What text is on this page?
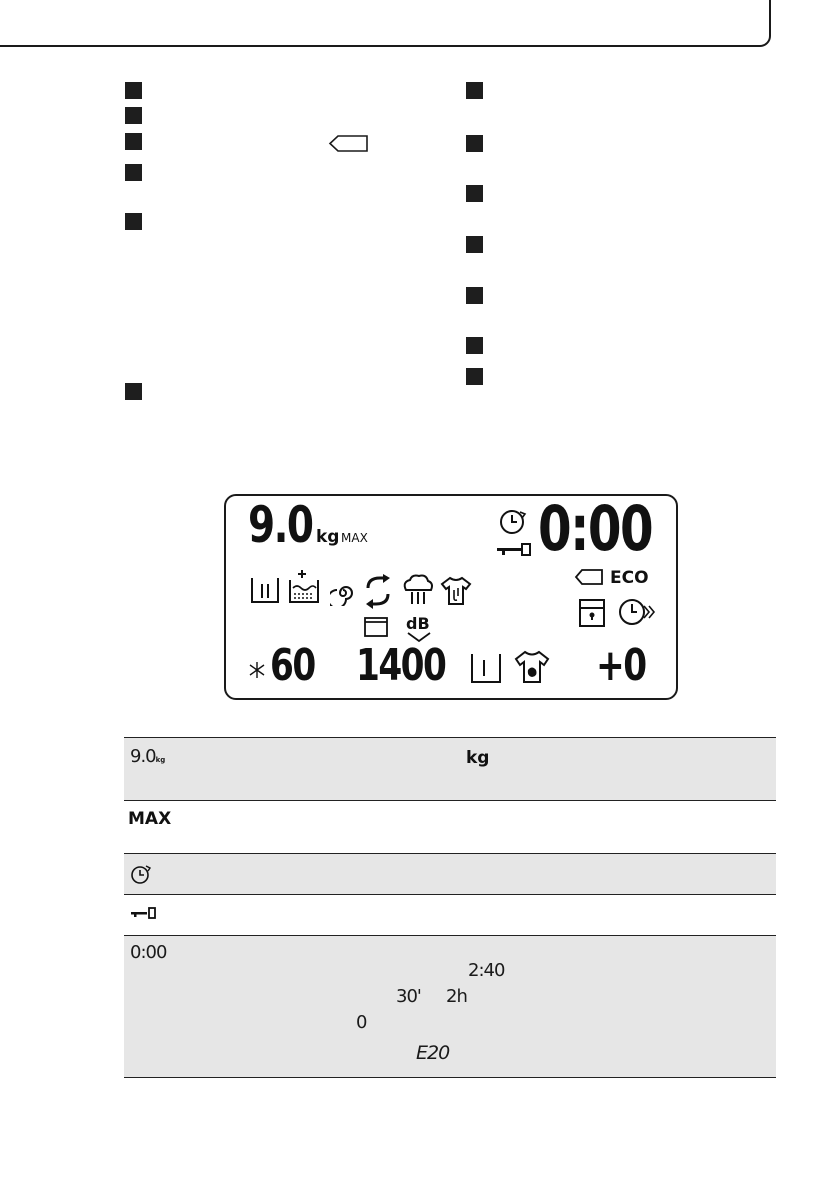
9.0 kg MAX	0:00
dB
ECO
60 1400	+0
9.0kg	kg

MAX

0:00
2:40
30' 2h
0
E20
